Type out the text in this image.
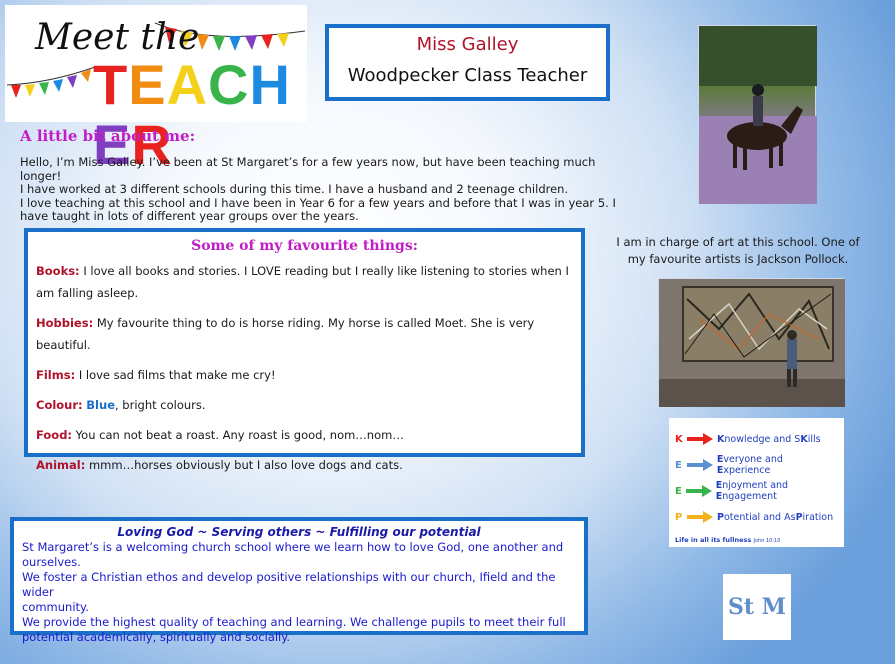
Meet the
TEACHER
Miss Galley
Woodpecker Class Teacher
A little bit about me:
Hello, I’m Miss Galley. I’ve been at St Margaret’s for a few years now, but have been teaching much longer!
I have worked at 3 different schools during this time. I have a husband and 2 teenage children.
I love teaching at this school and I have been in Year 6 for a few years and before that I was in year 5. I
have taught in lots of different year groups over the years.
Some of my favourite things:
Books: I love all books and stories. I LOVE reading but I really like listening to stories when I am falling asleep.
Hobbies: My favourite thing to do is horse riding. My horse is called Moet. She is very beautiful.
Films: I love sad films that make me cry!
Colour: Blue, bright colours.
Food: You can not beat a roast. Any roast is good, nom…nom…
Animal: mmm…horses obviously but I also love dogs and cats.
I am in charge of art at this school. One of my favourite artists is Jackson Pollock.
K	Knowledge and SKills
E	Everyone and Experience
E	Enjoyment and Engagement
P	Potential and AsPiration
Life in all its fullness John 10:10
Loving God ~ Serving others ~ Fulfilling our potential
St Margaret’s is a welcoming church school where we learn how to love God, one another and
ourselves.
We foster a Christian ethos and develop positive relationships with our church, Ifield and the wider
community.
We provide the highest quality of teaching and learning. We challenge pupils to meet their full
potential academically, spiritually and socially.
St M
